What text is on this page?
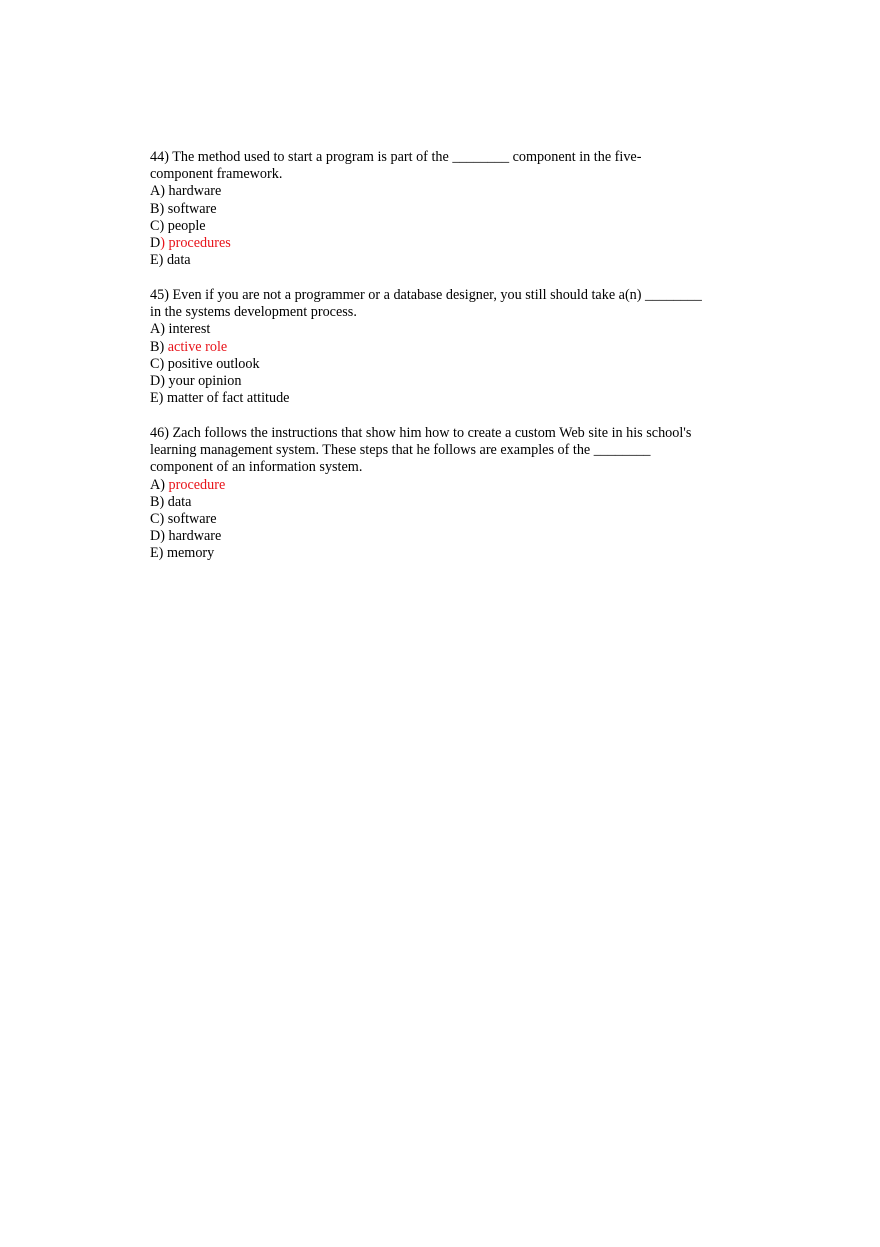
44) The method used to start a program is part of the ________ component in the five-
component framework.

A) hardware
B) software
C) people
D) procedures
E) data

45) Even if you are not a programmer or a database designer, you still should take a(n) ________
in the systems development process.

A) interest
B) active role
C) positive outlook
D) your opinion
E) matter of fact attitude

46) Zach follows the instructions that show him how to create a custom Web site in his school's
learning management system. These steps that he follows are examples of the ________
component of an information system.

A) procedure
B) data
C) software
D) hardware
E) memory
